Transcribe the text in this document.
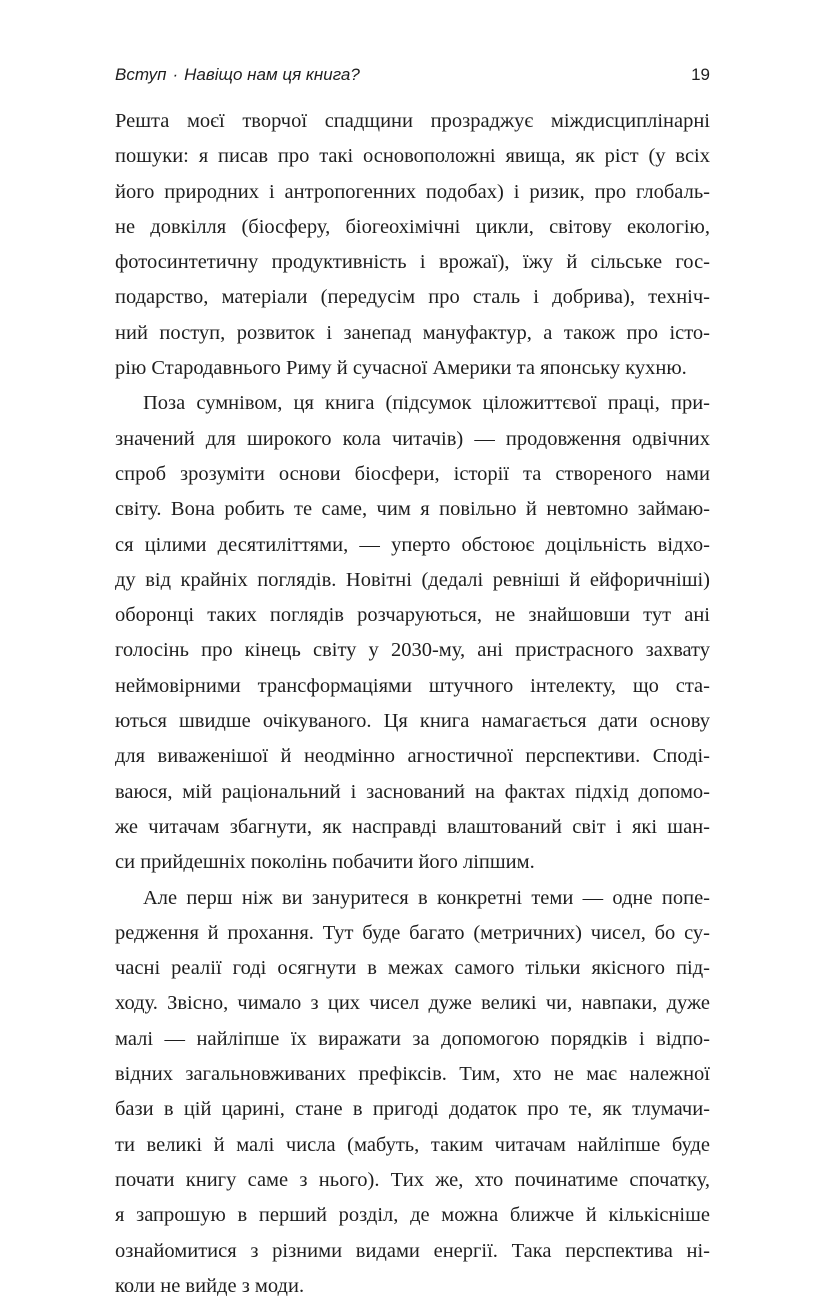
Вступ · Навіщо нам ця книга?	19
Решта моєї творчої спадщини прозраджує міждисциплінарні
пошуки: я писав про такі основоположні явища, як ріст (у всіх
його природних і антропогенних подобах) і ризик, про глобаль-
не довкілля (біосферу, біогеохімічні цикли, світову екологію,
фотосинтетичну продуктивність і врожаї), їжу й сільське гос-
подарство, матеріали (передусім про сталь і добрива), техніч-
ний поступ, розвиток і занепад мануфактур, а також про істо-
рію Стародавнього Риму й сучасної Америки та японську кухню.
Поза сумнівом, ця книга (підсумок ціложиттєвої праці, при-
значений для широкого кола читачів) — продовження одвічних
спроб зрозуміти основи біосфери, історії та створеного нами
світу. Вона робить те саме, чим я повільно й невтомно займаю-
ся цілими десятиліттями, — уперто обстоює доцільність відхо-
ду від крайніх поглядів. Новітні (дедалі ревніші й ейфоричніші)
оборонці таких поглядів розчаруються, не знайшовши тут ані
голосінь про кінець світу у 2030-му, ані пристрасного захвату
неймовірними трансформаціями штучного інтелекту, що ста-
ються швидше очікуваного. Ця книга намагається дати основу
для виваженішої й неодмінно агностичної перспективи. Споді-
ваюся, мій раціональний і заснований на фактах підхід допомо-
же читачам збагнути, як насправді влаштований світ і які шан-
си прийдешніх поколінь побачити його ліпшим.
Але перш ніж ви зануритеся в конкретні теми — одне попе-
редження й прохання. Тут буде багато (метричних) чисел, бо су-
часні реалії годі осягнути в межах самого тільки якісного під-
ходу. Звісно, чимало з цих чисел дуже великі чи, навпаки, дуже
малі — найліпше їх виражати за допомогою порядків і відпо-
відних загальновживаних префіксів. Тим, хто не має належної
бази в цій царині, стане в пригоді додаток про те, як тлумачи-
ти великі й малі числа (мабуть, таким читачам найліпше буде
почати книгу саме з нього). Тих же, хто починатиме спочатку,
я запрошую в перший розділ, де можна ближче й кількісніше
ознайомитися з різними видами енергії. Така перспектива ні-
коли не вийде з моди.
